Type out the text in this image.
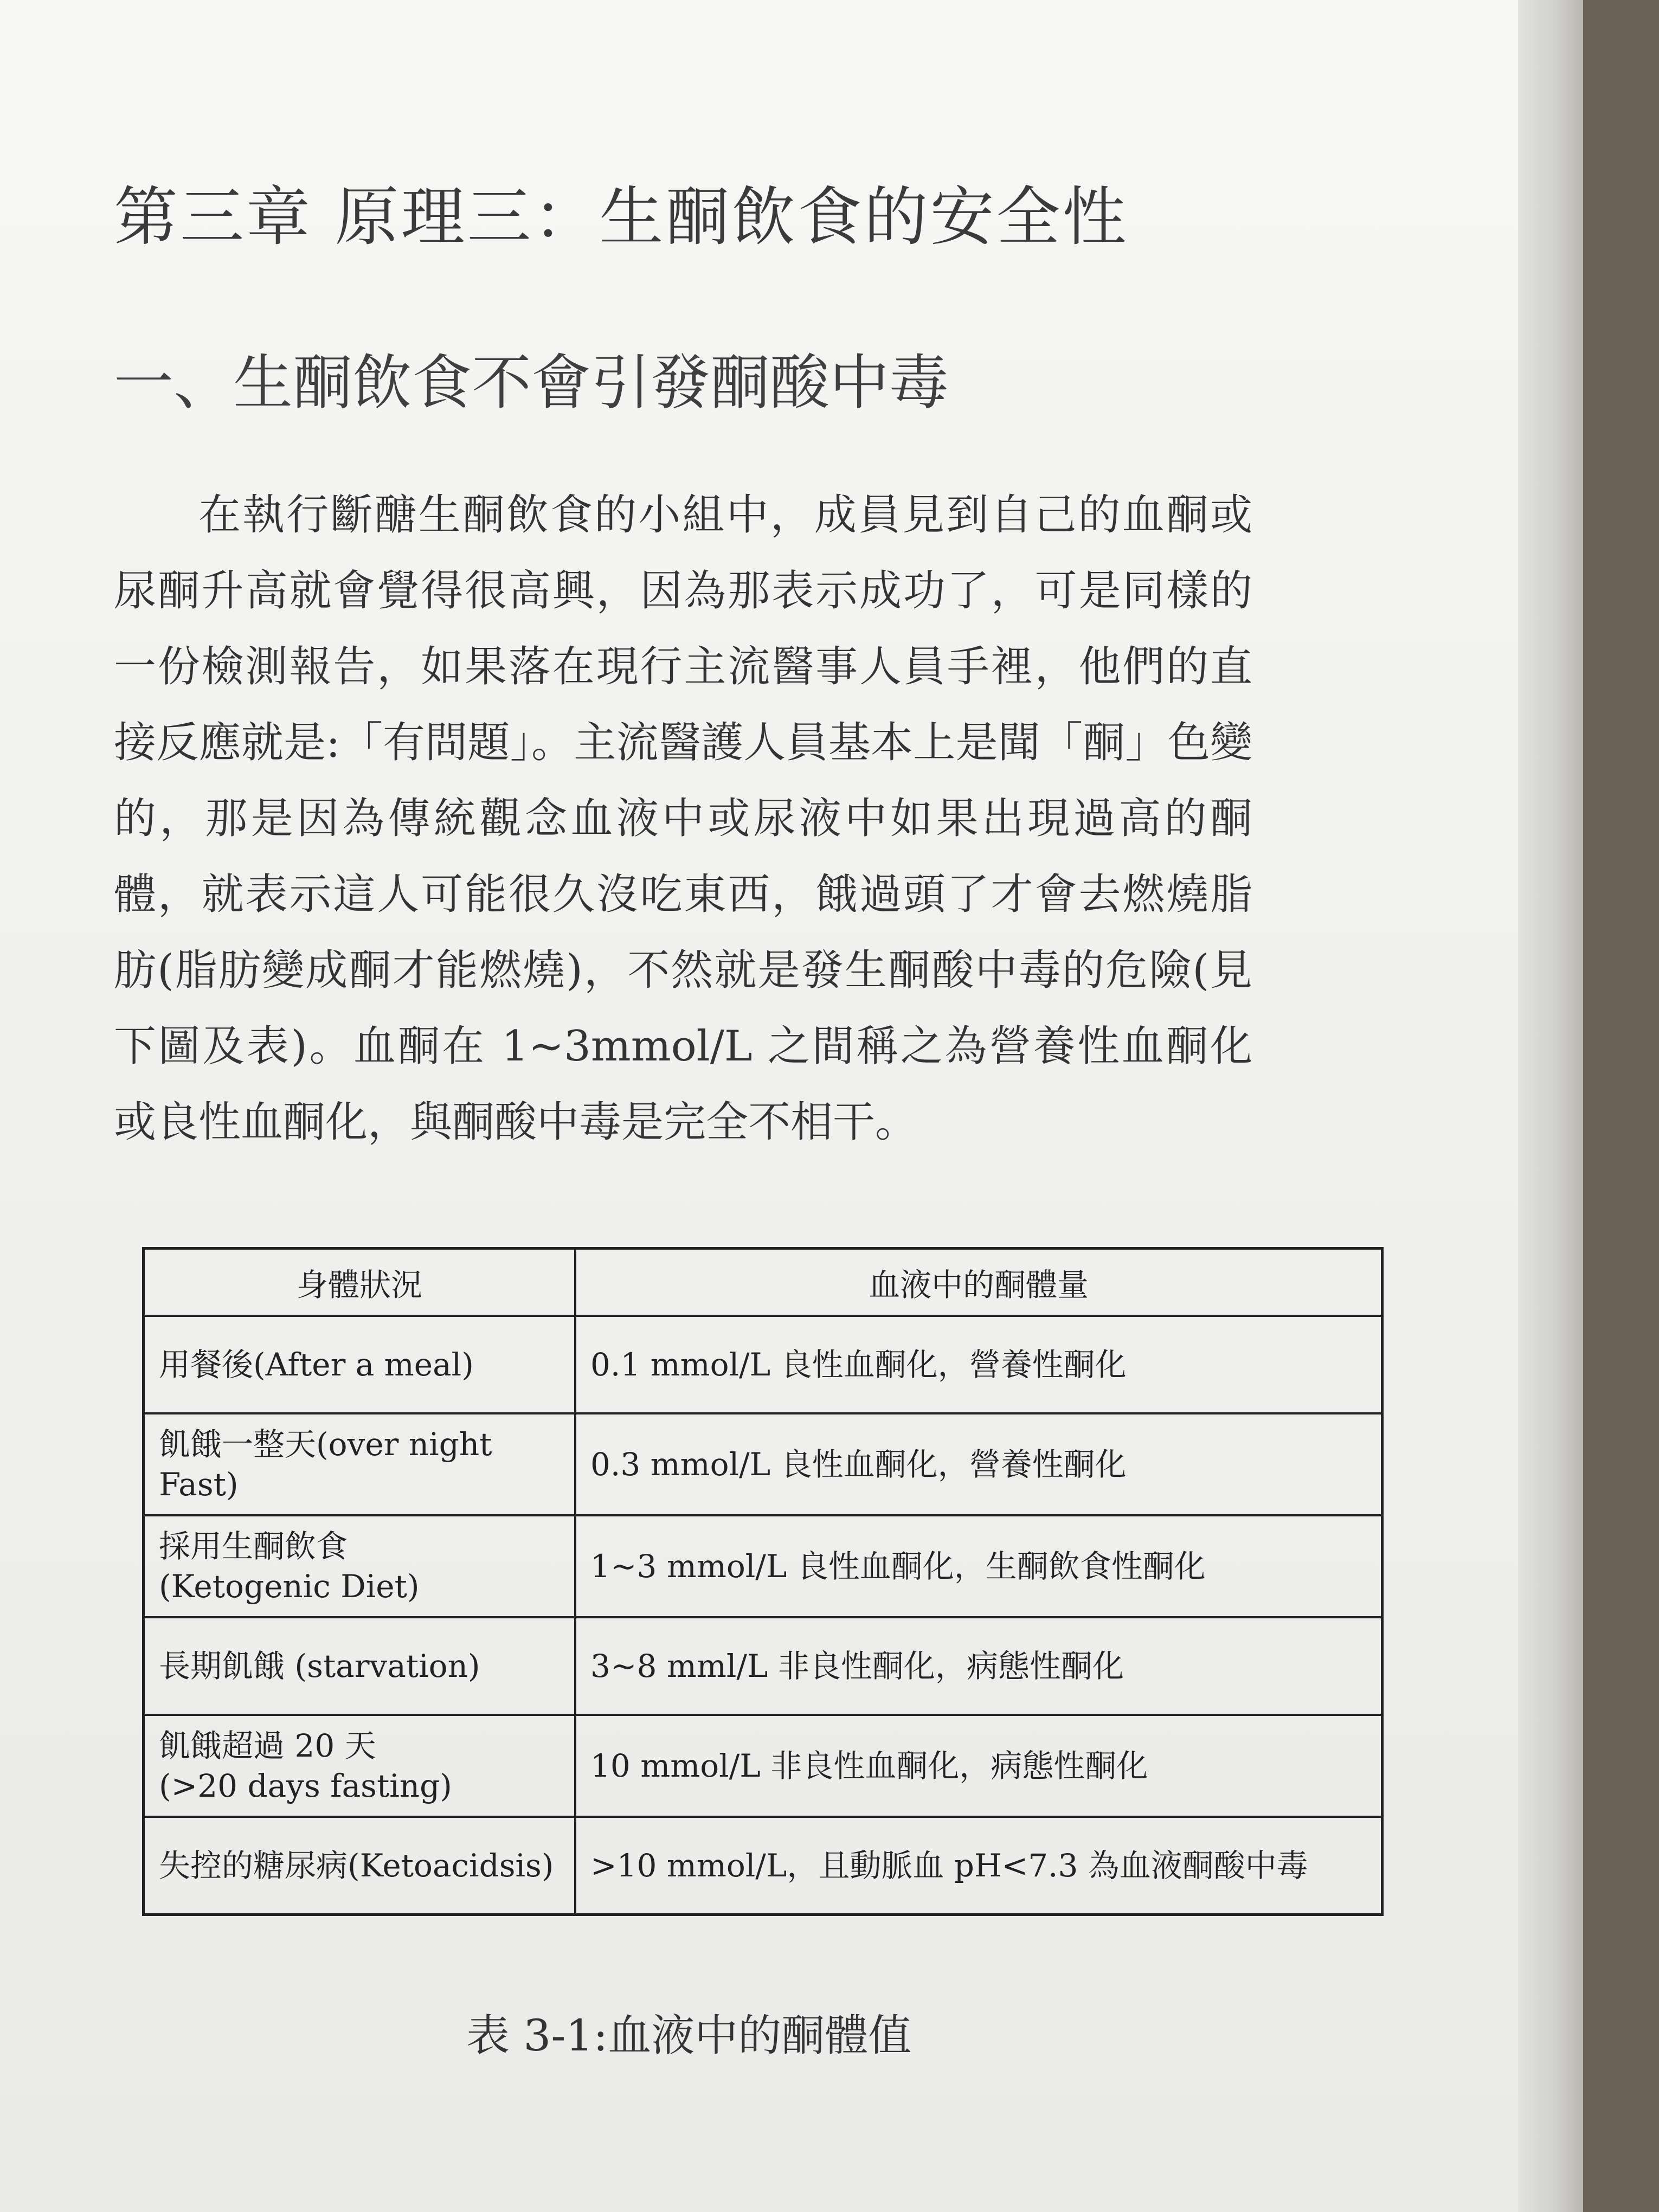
第三章 原理三：生酮飲食的安全性
一、生酮飲食不會引發酮酸中毒

在執行斷醣生酮飲食的小組中，成員見到自己的血酮或尿酮升高就會覺得很高興，因為那表示成功了，可是同樣的一份檢測報告，如果落在現行主流醫事人員手裡，他們的直接反應就是:「有問題」。主流醫護人員基本上是聞「酮」色變的，那是因為傳統觀念血液中或尿液中如果出現過高的酮體，就表示這人可能很久沒吃東西，餓過頭了才會去燃燒脂肪(脂肪變成酮才能燃燒)，不然就是發生酮酸中毒的危險(見下圖及表)。血酮在 1~3mmol/L 之間稱之為營養性血酮化或良性血酮化，與酮酸中毒是完全不相干。

身體狀況	血液中的酮體量
用餐後(After a meal)	0.1 mmol/L 良性血酮化，營養性酮化
飢餓一整天(over night Fast)	0.3 mmol/L 良性血酮化，營養性酮化
採用生酮飲食
(Ketogenic Diet)	1~3 mmol/L 良性血酮化，生酮飲食性酮化
長期飢餓 (starvation)	3~8 mml/L 非良性酮化，病態性酮化
飢餓超過 20 天
(>20 days fasting)	10 mmol/L 非良性血酮化，病態性酮化
失控的糖尿病(Ketoacidsis)	>10 mmol/L，且動脈血 pH<7.3 為血液酮酸中毒
表 3-1:血液中的酮體值
